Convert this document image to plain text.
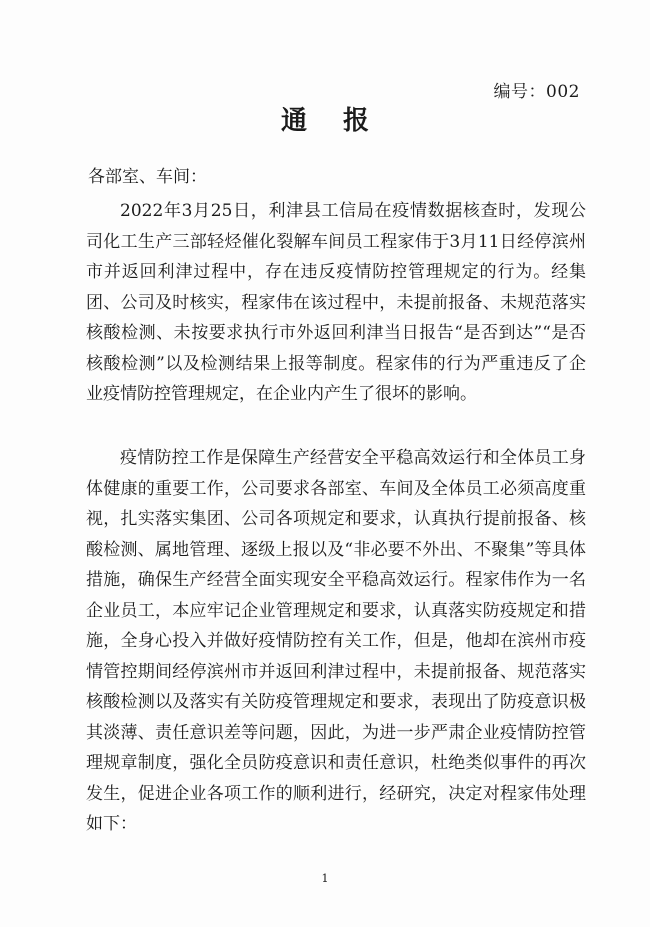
编号：002
通报
各部室、车间：

2022年3月25日，利津县工信局在疫情数据核查时，发现公司化工生产三部轻烃催化裂解车间员工程家伟于3月11日经停滨州市并返回利津过程中，存在违反疫情防控管理规定的行为。经集团、公司及时核实，程家伟在该过程中，未提前报备、未规范落实核酸检测、未按要求执行市外返回利津当日报告“是否到达”“是否核酸检测”以及检测结果上报等制度。程家伟的行为严重违反了企业疫情防控管理规定，在企业内产生了很坏的影响。

疫情防控工作是保障生产经营安全平稳高效运行和全体员工身体健康的重要工作，公司要求各部室、车间及全体员工必须高度重视，扎实落实集团、公司各项规定和要求，认真执行提前报备、核酸检测、属地管理、逐级上报以及“非必要不外出、不聚集”等具体措施，确保生产经营全面实现安全平稳高效运行。程家伟作为一名企业员工，本应牢记企业管理规定和要求，认真落实防疫规定和措施，全身心投入并做好疫情防控有关工作，但是，他却在滨州市疫情管控期间经停滨州市并返回利津过程中，未提前报备、规范落实核酸检测以及落实有关防疫管理规定和要求，表现出了防疫意识极其淡薄、责任意识差等问题，因此，为进一步严肃企业疫情防控管理规章制度，强化全员防疫意识和责任意识，杜绝类似事件的再次发生，促进企业各项工作的顺利进行，经研究，决定对程家伟处理如下：

1
